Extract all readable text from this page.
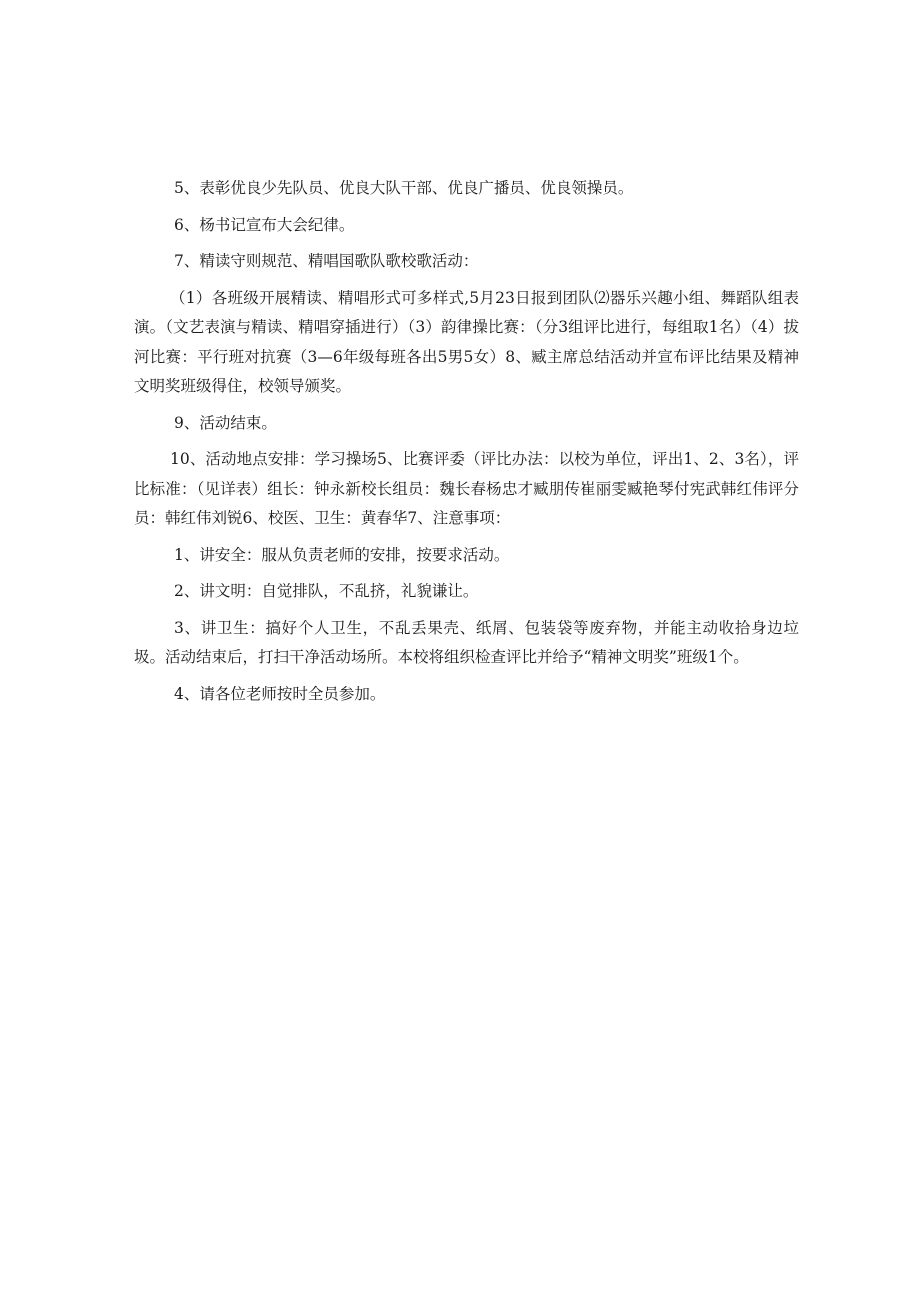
5、表彰优良少先队员、优良大队干部、优良广播员、优良领操员。

6、杨书记宣布大会纪律。

7、精读守则规范、精唱国歌队歌校歌活动：

（1）各班级开展精读、精唱形式可多样式,5月23日报到团队⑵器乐兴趣小组、舞蹈队组表演。（文艺表演与精读、精唱穿插进行）（3）韵律操比赛：（分3组评比进行，每组取1名）（4）拔河比赛：平行班对抗赛（3—6年级每班各出5男5女）8、臧主席总结活动并宣布评比结果及精神文明奖班级得住，校领导颁奖。

9、活动结束。

10、活动地点安排：学习操场5、比赛评委（评比办法：以校为单位，评出1、2、3名），评比标准：（见详表）组长：钟永新校长组员：魏长春杨忠才臧朋传崔丽雯臧艳琴付宪武韩红伟评分员：韩红伟刘锐6、校医、卫生：黄春华7、注意事项：

1、讲安全：服从负责老师的安排，按要求活动。

2、讲文明：自觉排队，不乱挤，礼貌谦让。

3、讲卫生：搞好个人卫生，不乱丢果壳、纸屑、包装袋等废弃物，并能主动收拾身边垃圾。活动结束后，打扫干净活动场所。本校将组织检查评比并给予“精神文明奖”班级1个。

4、请各位老师按时全员参加。
